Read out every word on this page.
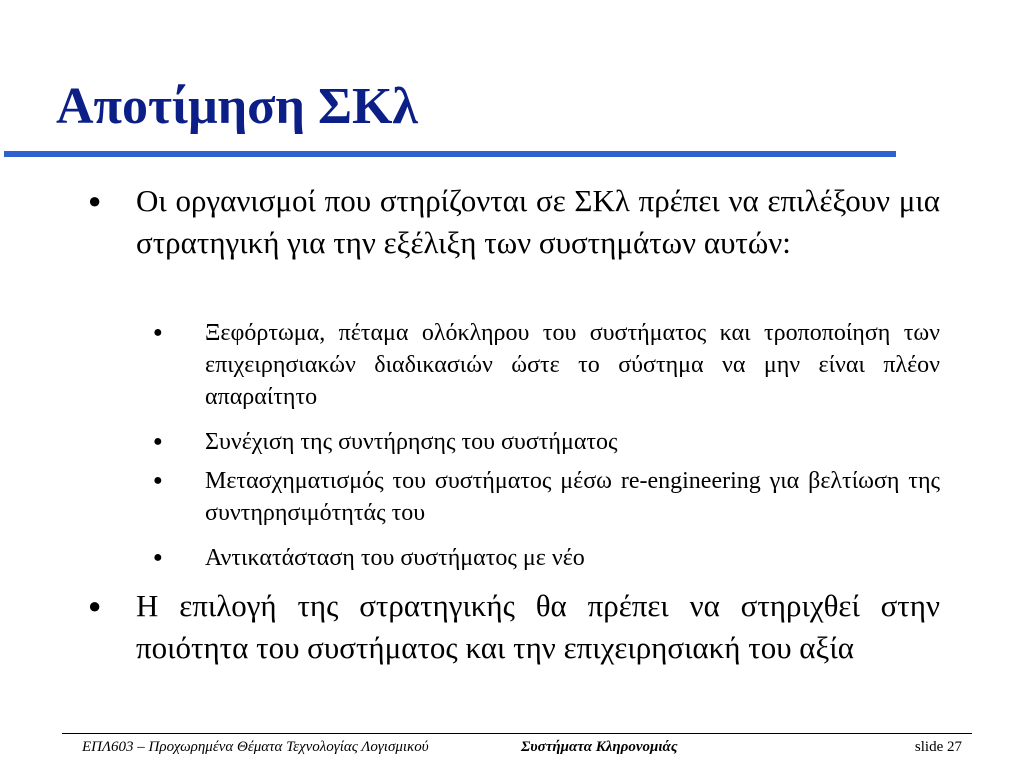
Αποτίμηση ΣΚλ
● Οι οργανισμοί που στηρίζονται σε ΣΚλ πρέπει να επιλέξουν μια στρατηγική για την εξέλιξη των συστημάτων αυτών:
● Ξεφόρτωμα, πέταμα ολόκληρου του συστήματος και τροποποίηση των επιχειρησιακών διαδικασιών ώστε το σύστημα να μην είναι πλέον απαραίτητο
● Συνέχιση της συντήρησης του συστήματος
● Μετασχηματισμός του συστήματος μέσω re-engineering για βελτίωση της συντηρησιμότητάς του
● Αντικατάσταση του συστήματος με νέο
● Η επιλογή της στρατηγικής θα πρέπει να στηριχθεί στην ποιότητα του συστήματος και την επιχειρησιακή του αξία
ΕΠΛ603 – Προχωρημένα Θέματα Τεχνολογίας Λογισμικού	Συστήματα Κληρονομιάς	slide 27
